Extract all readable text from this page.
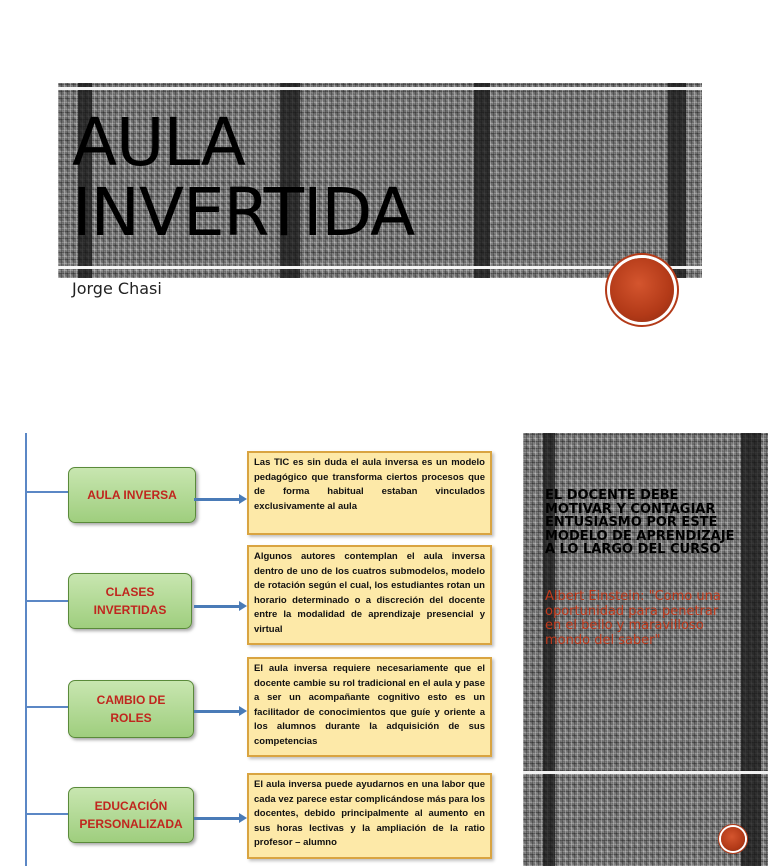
AULA
INVERTIDA
Jorge Chasi
AULA INVERSA
Las TIC es sin duda el aula inversa es un modelo pedagógico que transforma ciertos procesos que de forma habitual estaban vinculados exclusivamente al aula
CLASES INVERTIDAS
Algunos autores contemplan el aula inversa dentro de uno de los cuatros submodelos, modelo de rotación según el cual, los estudiantes rotan un horario determinado o a discreción del docente entre la modalidad de aprendizaje presencial y virtual
CAMBIO DE ROLES
El aula inversa requiere necesariamente que el docente cambie su rol tradicional en el aula y pase a ser un acompañante cognitivo esto es un facilitador de conocimientos que guíe y oriente a los alumnos durante la adquisición de sus competencias
EDUCACIÓN PERSONALIZADA
El aula inversa puede ayudarnos en una labor que cada vez parece estar complicándose más para los docentes, debido principalmente al aumento en sus horas lectivas y la ampliación de la ratio profesor – alumno
EL DOCENTE DEBE MOTIVAR Y CONTAGIAR ENTUSIASMO POR ESTE MODELO DE APRENDIZAJE A LO LARGO DEL CURSO
Albert Einstein: "Como una oportunidad para penetrar en el bello y maravilloso mondo del saber"
